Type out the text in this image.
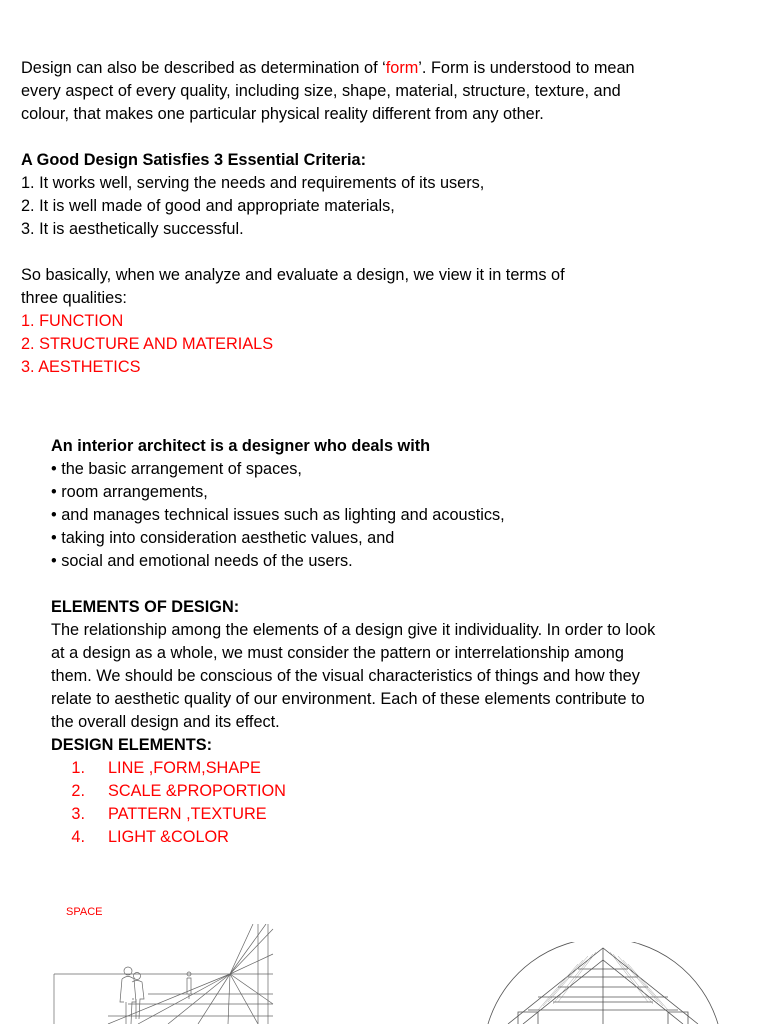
Design can also be described as determination of ‘form’. Form is understood to mean
every aspect of every quality, including size, shape, material, structure, texture, and
colour, that makes one particular physical reality different from any other.
A Good Design Satisfies 3 Essential Criteria:
1. It works well, serving the needs and requirements of its users,
2. It is well made of good and appropriate materials,
3. It is aesthetically successful.
So basically, when we analyze and evaluate a design, we view it in terms of
three qualities:
1. FUNCTION
2. STRUCTURE AND MATERIALS
3. AESTHETICS
An interior architect is a designer who deals with
• the basic arrangement of spaces,
• room arrangements,
• and manages technical issues such as lighting and acoustics,
• taking into consideration aesthetic values, and
• social and emotional needs of the users.
ELEMENTS OF DESIGN:
The relationship among the elements of a design give it individuality. In order to look
at a design as a whole, we must consider the pattern or interrelationship among
them. We should be conscious of the visual characteristics of things and how they
relate to aesthetic quality of our environment. Each of these elements contribute to
the overall design and its effect.
DESIGN ELEMENTS:
1. LINE ,FORM,SHAPE
2. SCALE &PROPORTION
3. PATTERN ,TEXTURE
4. LIGHT &COLOR
SPACE
